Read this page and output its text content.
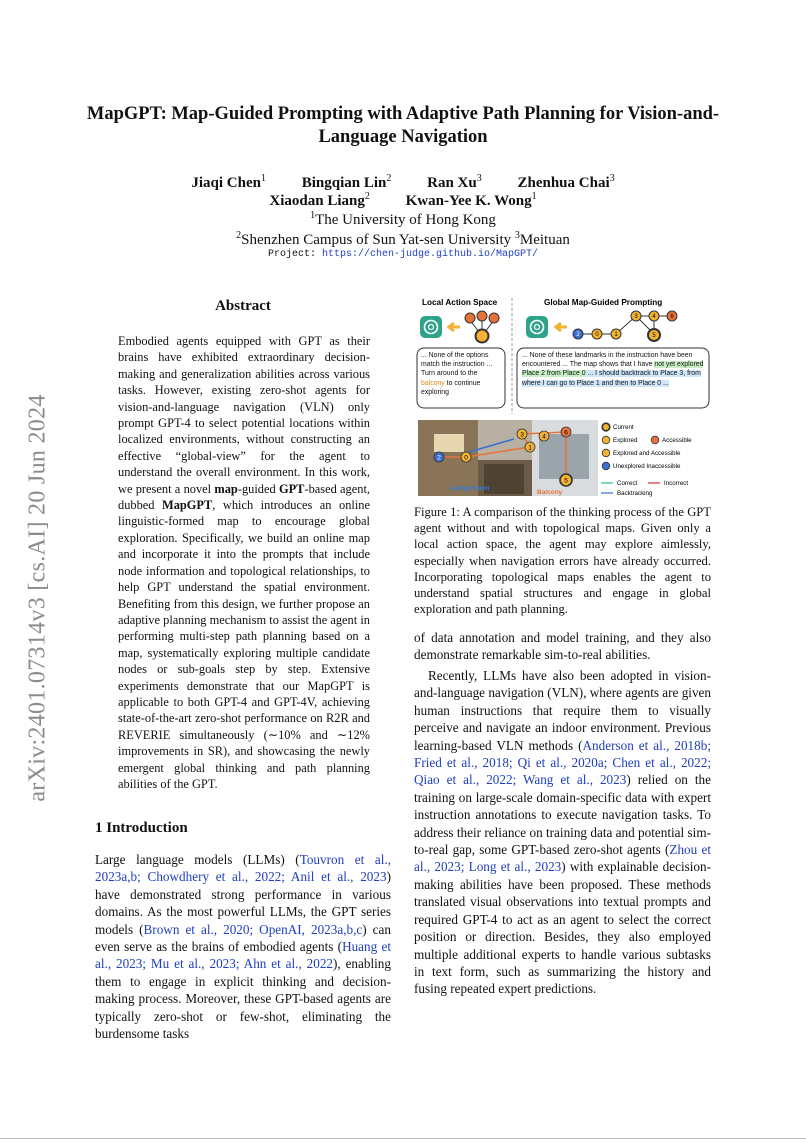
arXiv:2401.07314v3 [cs.AI] 20 Jun 2024
MapGPT: Map-Guided Prompting with Adaptive Path Planning for Vision-and-Language Navigation
Jiaqi Chen$^1$ Bingqian Lin$^2$ Ran Xu$^3$ Zhenhua Chai$^3$
Xiaodan Liang$^2$ Kwan-Yee K. Wong$^1$
$^1$The University of Hong Kong
$^2$Shenzhen Campus of Sun Yat-sen University $^3$Meituan
Project: https://chen-judge.github.io/MapGPT/
Abstract
Embodied agents equipped with GPT as their brains have exhibited extraordinary decision-making and generalization abilities across various tasks. However, existing zero-shot agents for vision-and-language navigation (VLN) only prompt GPT-4 to select potential locations within localized environments, without constructing an effective “global-view” for the agent to understand the overall environment. In this work, we present a novel map-guided GPT-based agent, dubbed MapGPT, which introduces an online linguistic-formed map to encourage global exploration. Specifically, we build an online map and incorporate it into the prompts that include node information and topological relationships, to help GPT understand the spatial environment. Benefiting from this design, we further propose an adaptive planning mechanism to assist the agent in performing multi-step path planning based on a map, systematically exploring multiple candidate nodes or sub-goals step by step. Extensive experiments demonstrate that our MapGPT is applicable to both GPT-4 and GPT-4V, achieving state-of-the-art zero-shot performance on R2R and REVERIE simultaneously (∼10% and ∼12% improvements in SR), and showcasing the newly emergent global thinking and path planning abilities of the GPT.
1 Introduction
Large language models (LLMs) (Touvron et al., 2023a,b; Chowdhery et al., 2022; Anil et al., 2023) have demonstrated strong performance in various domains. As the most powerful LLMs, the GPT series models (Brown et al., 2020; OpenAI, 2023a,b,c) can even serve as the brains of embodied agents (Huang et al., 2023; Mu et al., 2023; Ahn et al., 2022), enabling them to engage in explicit thinking and decision-making process. Moreover, these GPT-based agents are typically zero-shot or few-shot, eliminating the burdensome tasks
Local Action Space	Global Map-Guided Prompting
2	0	1
3 4 6
5
... None of the options match the instruction ... Turn around to the balcony to continue exploring
... None of these landmarks in the instruction have been encountered ... The map shows that I have not yet explored Place 2 from Place 0 ... I should backtrack to Place 3, from where I can go to Place 1 and then to Place 0 ...
2	0
1
3	4
6
5
Living Room
Balcony
Current
Explored	Accessible
Explored and Accessible
Unexplored Inaccessible
Correct	Incorrect
Backtracking
Figure 1: A comparison of the thinking process of the GPT agent without and with topological maps. Given only a local action space, the agent may explore aimlessly, especially when navigation errors have already occurred. Incorporating topological maps enables the agent to understand spatial structures and engage in global exploration and path planning.
of data annotation and model training, and they also demonstrate remarkable sim-to-real abilities.
Recently, LLMs have also been adopted in vision-and-language navigation (VLN), where agents are given human instructions that require them to visually perceive and navigate an indoor environment. Previous learning-based VLN methods (Anderson et al., 2018b; Fried et al., 2018; Qi et al., 2020a; Chen et al., 2022; Qiao et al., 2022; Wang et al., 2023) relied on the training on large-scale domain-specific data with expert instruction annotations to execute navigation tasks. To address their reliance on training data and potential sim-to-real gap, some GPT-based zero-shot agents (Zhou et al., 2023; Long et al., 2023) with explainable decision-making abilities have been proposed. These methods translated visual observations into textual prompts and required GPT-4 to act as an agent to select the correct position or direction. Besides, they also employed multiple additional experts to handle various subtasks in text form, such as summarizing the history and fusing repeated expert predictions.
